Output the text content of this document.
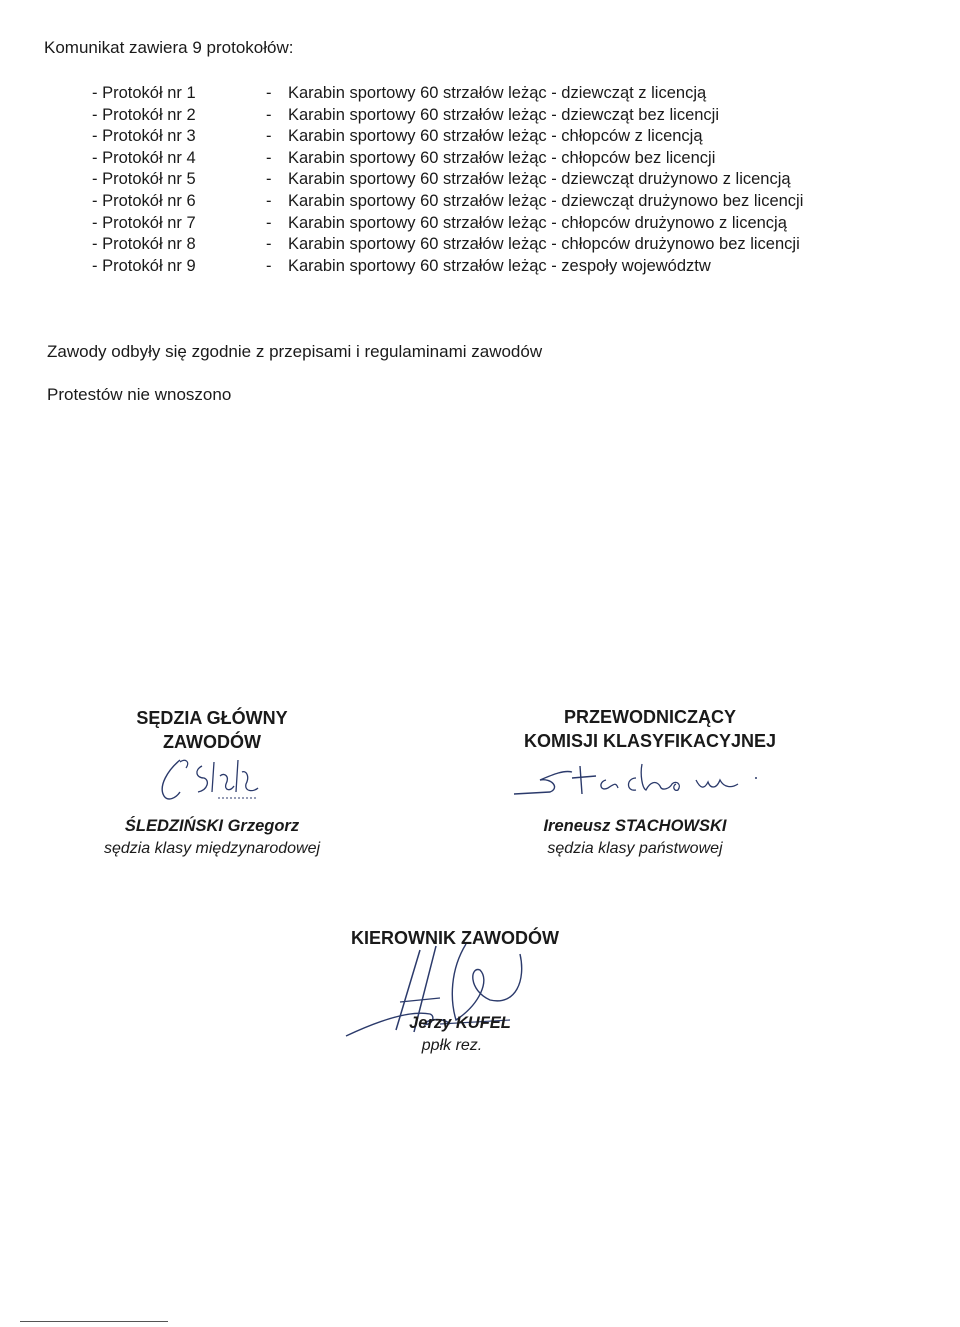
Komunikat zawiera 9 protokołów:
- Protokół nr 1	-	Karabin sportowy 60 strzałów leżąc - dziewcząt z licencją
- Protokół nr 2	-	Karabin sportowy 60 strzałów leżąc - dziewcząt bez licencji
- Protokół nr 3	-	Karabin sportowy 60 strzałów leżąc - chłopców z licencją
- Protokół nr 4	-	Karabin sportowy 60 strzałów leżąc - chłopców bez licencji
- Protokół nr 5	-	Karabin sportowy 60 strzałów leżąc - dziewcząt drużynowo z licencją
- Protokół nr 6	-	Karabin sportowy 60 strzałów leżąc - dziewcząt drużynowo bez licencji
- Protokół nr 7	-	Karabin sportowy 60 strzałów leżąc - chłopców drużynowo z licencją
- Protokół nr 8	-	Karabin sportowy 60 strzałów leżąc - chłopców drużynowo bez licencji
- Protokół nr 9	-	Karabin sportowy 60 strzałów leżąc - zespoły województw
Zawody odbyły się zgodnie z przepisami i regulaminami zawodów
Protestów nie wnoszono
SĘDZIA GŁÓWNY
ZAWODÓW
ŚLEDZIŃSKI Grzegorz
sędzia klasy międzynarodowej
PRZEWODNICZĄCY
KOMISJI KLASYFIKACYJNEJ
Ireneusz STACHOWSKI
sędzia klasy państwowej
KIEROWNIK ZAWODÓW
Jerzy KUFEL
ppłk rez.
